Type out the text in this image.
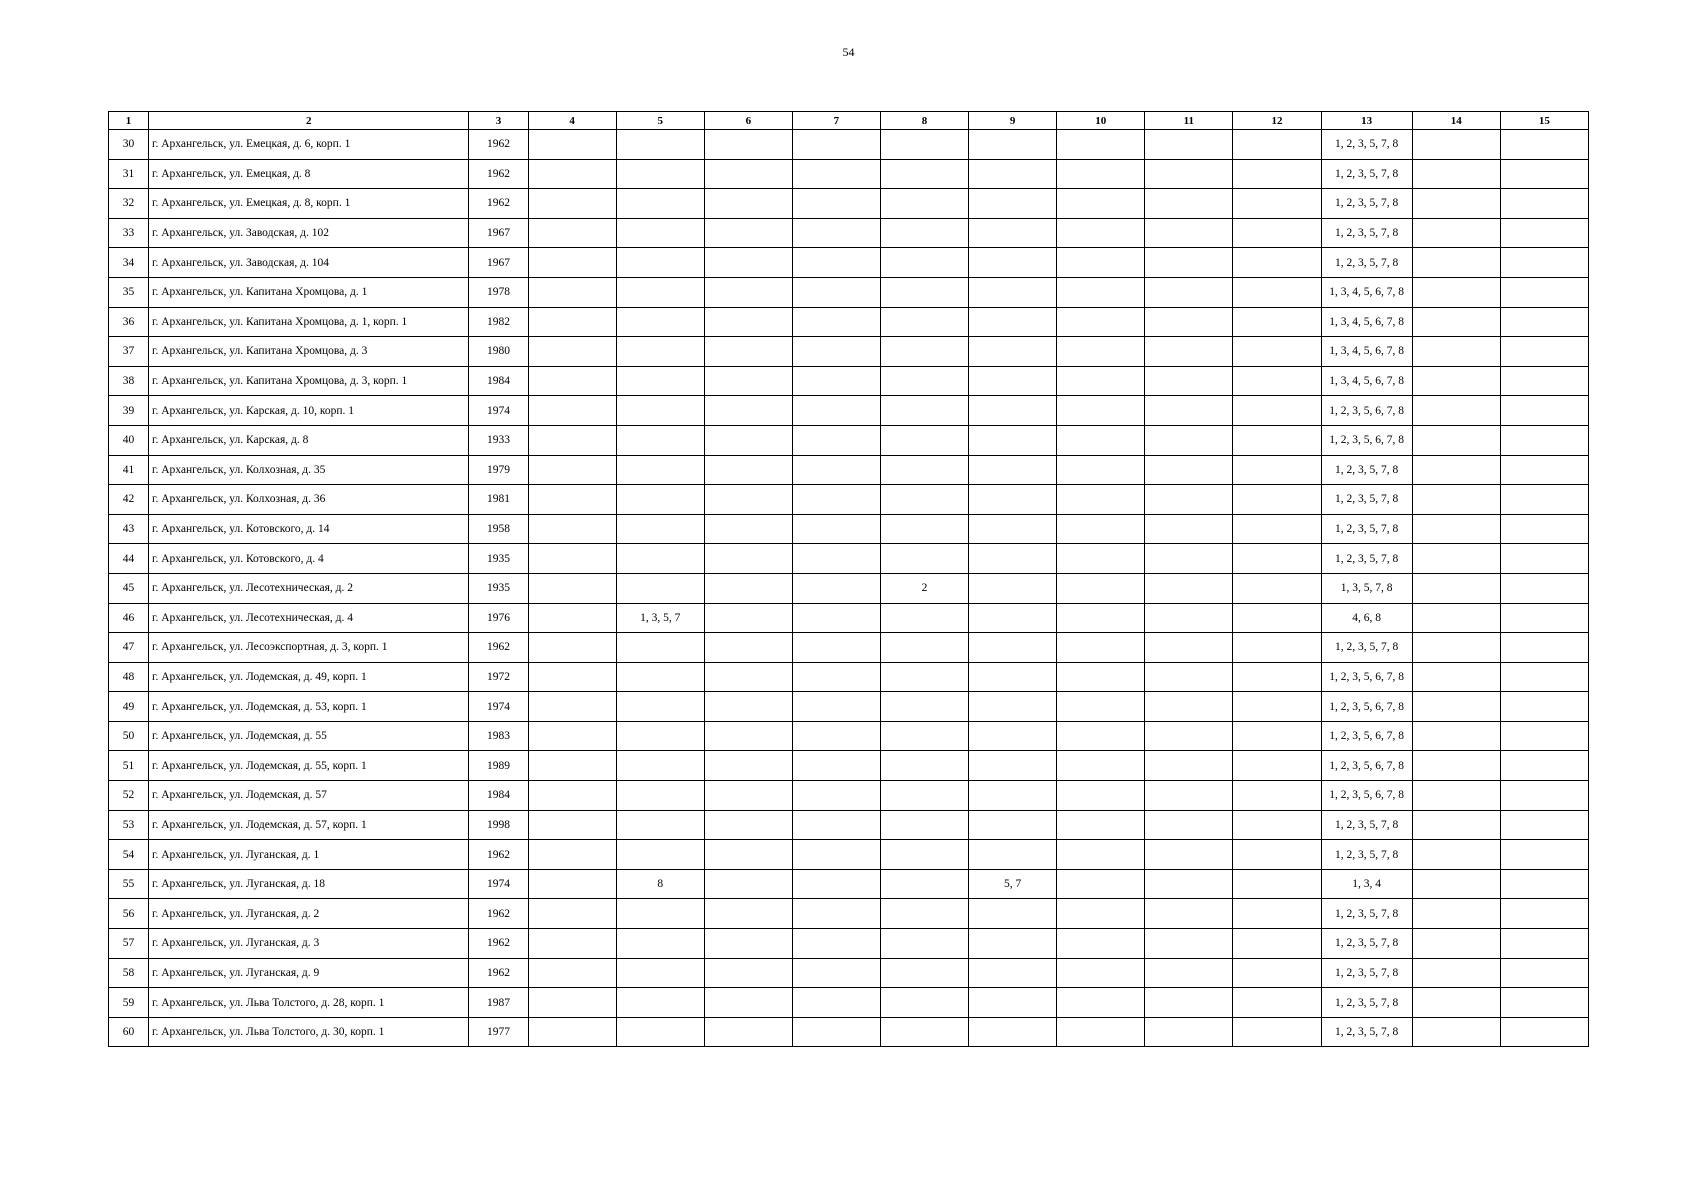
54
1	2	3	4	5	6	7	8	9	10	11	12	13	14	15
30	г. Архангельск, ул. Емецкая, д. 6, корп. 1	1962										1, 2, 3, 5, 7, 8		
31	г. Архангельск, ул. Емецкая, д. 8	1962										1, 2, 3, 5, 7, 8		
32	г. Архангельск, ул. Емецкая, д. 8, корп. 1	1962										1, 2, 3, 5, 7, 8		
33	г. Архангельск, ул. Заводская, д. 102	1967										1, 2, 3, 5, 7, 8		
34	г. Архангельск, ул. Заводская, д. 104	1967										1, 2, 3, 5, 7, 8		
35	г. Архангельск, ул. Капитана Хромцова, д. 1	1978										1, 3, 4, 5, 6, 7, 8		
36	г. Архангельск, ул. Капитана Хромцова, д. 1, корп. 1	1982										1, 3, 4, 5, 6, 7, 8		
37	г. Архангельск, ул. Капитана Хромцова, д. 3	1980										1, 3, 4, 5, 6, 7, 8		
38	г. Архангельск, ул. Капитана Хромцова, д. 3, корп. 1	1984										1, 3, 4, 5, 6, 7, 8		
39	г. Архангельск, ул. Карская, д. 10, корп. 1	1974										1, 2, 3, 5, 6, 7, 8		
40	г. Архангельск, ул. Карская, д. 8	1933										1, 2, 3, 5, 6, 7, 8		
41	г. Архангельск, ул. Колхозная, д. 35	1979										1, 2, 3, 5, 7, 8		
42	г. Архангельск, ул. Колхозная, д. 36	1981										1, 2, 3, 5, 7, 8		
43	г. Архангельск, ул. Котовского, д. 14	1958										1, 2, 3, 5, 7, 8		
44	г. Архангельск, ул. Котовского, д. 4	1935										1, 2, 3, 5, 7, 8		
45	г. Архангельск, ул. Лесотехническая, д. 2	1935					2					1, 3, 5, 7, 8		
46	г. Архангельск, ул. Лесотехническая, д. 4	1976		1, 3, 5, 7								4, 6, 8		
47	г. Архангельск, ул. Лесоэкспортная, д. 3, корп. 1	1962										1, 2, 3, 5, 7, 8		
48	г. Архангельск, ул. Лодемская, д. 49, корп. 1	1972										1, 2, 3, 5, 6, 7, 8		
49	г. Архангельск, ул. Лодемская, д. 53, корп. 1	1974										1, 2, 3, 5, 6, 7, 8		
50	г. Архангельск, ул. Лодемская, д. 55	1983										1, 2, 3, 5, 6, 7, 8		
51	г. Архангельск, ул. Лодемская, д. 55, корп. 1	1989										1, 2, 3, 5, 6, 7, 8		
52	г. Архангельск, ул. Лодемская, д. 57	1984										1, 2, 3, 5, 6, 7, 8		
53	г. Архангельск, ул. Лодемская, д. 57, корп. 1	1998										1, 2, 3, 5, 7, 8		
54	г. Архангельск, ул. Луганская, д. 1	1962										1, 2, 3, 5, 7, 8		
55	г. Архангельск, ул. Луганская, д. 18	1974		8				5, 7				1, 3, 4		
56	г. Архангельск, ул. Луганская, д. 2	1962										1, 2, 3, 5, 7, 8		
57	г. Архангельск, ул. Луганская, д. 3	1962										1, 2, 3, 5, 7, 8		
58	г. Архангельск, ул. Луганская, д. 9	1962										1, 2, 3, 5, 7, 8		
59	г. Архангельск, ул. Льва Толстого, д. 28, корп. 1	1987										1, 2, 3, 5, 7, 8		
60	г. Архангельск, ул. Льва Толстого, д. 30, корп. 1	1977										1, 2, 3, 5, 7, 8		
